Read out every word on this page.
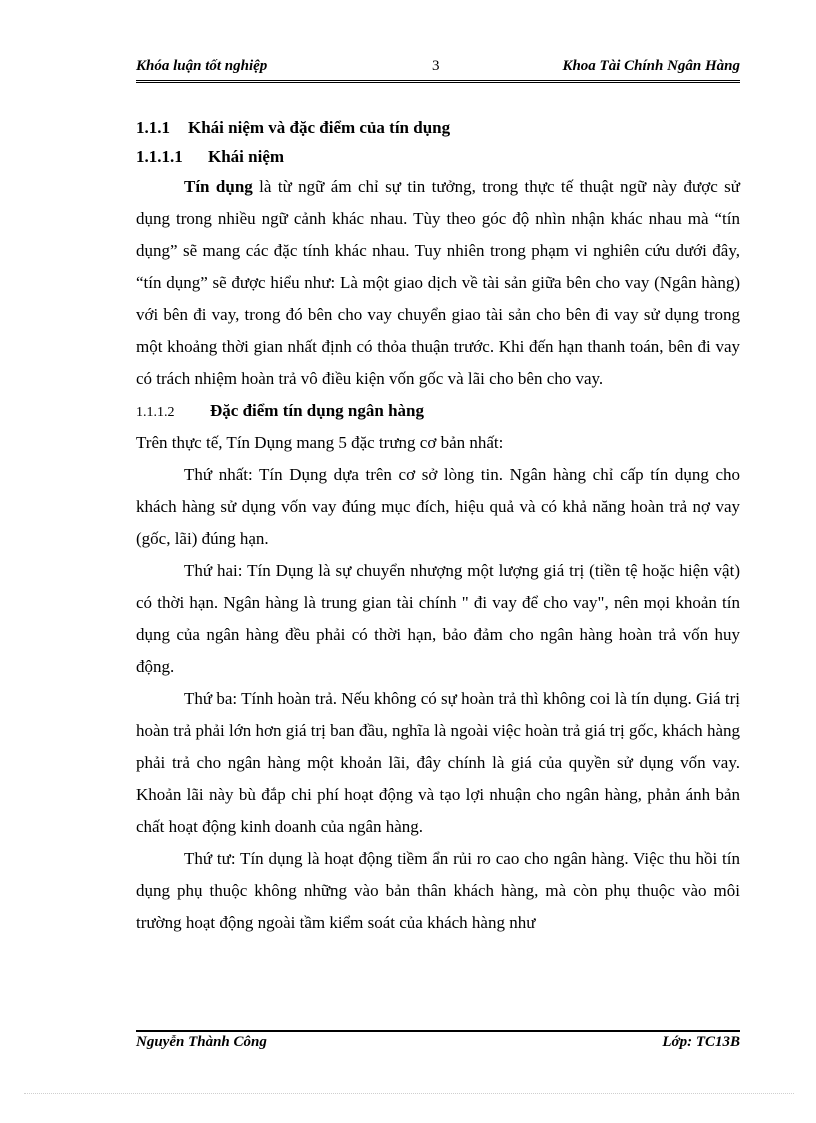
Khóa luận tốt nghiệp	3	Khoa Tài Chính Ngân Hàng
1.1.1 Khái niệm và đặc điểm của tín dụng
1.1.1.1 Khái niệm

Tín dụng là từ ngữ ám chỉ sự tin tưởng, trong thực tế thuật ngữ này được sử dụng trong nhiều ngữ cảnh khác nhau. Tùy theo góc độ nhìn nhận khác nhau mà “tín dụng” sẽ mang các đặc tính khác nhau. Tuy nhiên trong phạm vi nghiên cứu dưới đây, “tín dụng” sẽ được hiểu như: Là một giao dịch về tài sản giữa bên cho vay (Ngân hàng) với bên đi vay, trong đó bên cho vay chuyển giao tài sản cho bên đi vay sử dụng trong một khoảng thời gian nhất định có thỏa thuận trước. Khi đến hạn thanh toán, bên đi vay có trách nhiệm hoàn trả vô điều kiện vốn gốc và lãi cho bên cho vay.

1.1.1.2 Đặc điểm tín dụng ngân hàng

Trên thực tế, Tín Dụng mang 5 đặc trưng cơ bản nhất:

Thứ nhất: Tín Dụng dựa trên cơ sở lòng tin. Ngân hàng chỉ cấp tín dụng cho khách hàng sử dụng vốn vay đúng mục đích, hiệu quả và có khả năng hoàn trả nợ vay (gốc, lãi) đúng hạn.

Thứ hai: Tín Dụng là sự chuyển nhượng một lượng giá trị (tiền tệ hoặc hiện vật) có thời hạn. Ngân hàng là trung gian tài chính " đi vay để cho vay", nên mọi khoản tín dụng của ngân hàng đều phải có thời hạn, bảo đảm cho ngân hàng hoàn trả vốn huy động.

Thứ ba: Tính hoàn trả. Nếu không có sự hoàn trả thì không coi là tín dụng. Giá trị hoàn trả phải lớn hơn giá trị ban đầu, nghĩa là ngoài việc hoàn trả giá trị gốc, khách hàng phải trả cho ngân hàng một khoản lãi, đây chính là giá của quyền sử dụng vốn vay. Khoản lãi này bù đắp chi phí hoạt động và tạo lợi nhuận cho ngân hàng, phản ánh bản chất hoạt động kinh doanh của ngân hàng.

Thứ tư: Tín dụng là hoạt động tiềm ẩn rủi ro cao cho ngân hàng. Việc thu hồi tín dụng phụ thuộc không những vào bản thân khách hàng, mà còn phụ thuộc vào môi trường hoạt động ngoài tầm kiểm soát của khách hàng như

Nguyễn Thành Công	Lớp: TC13B
